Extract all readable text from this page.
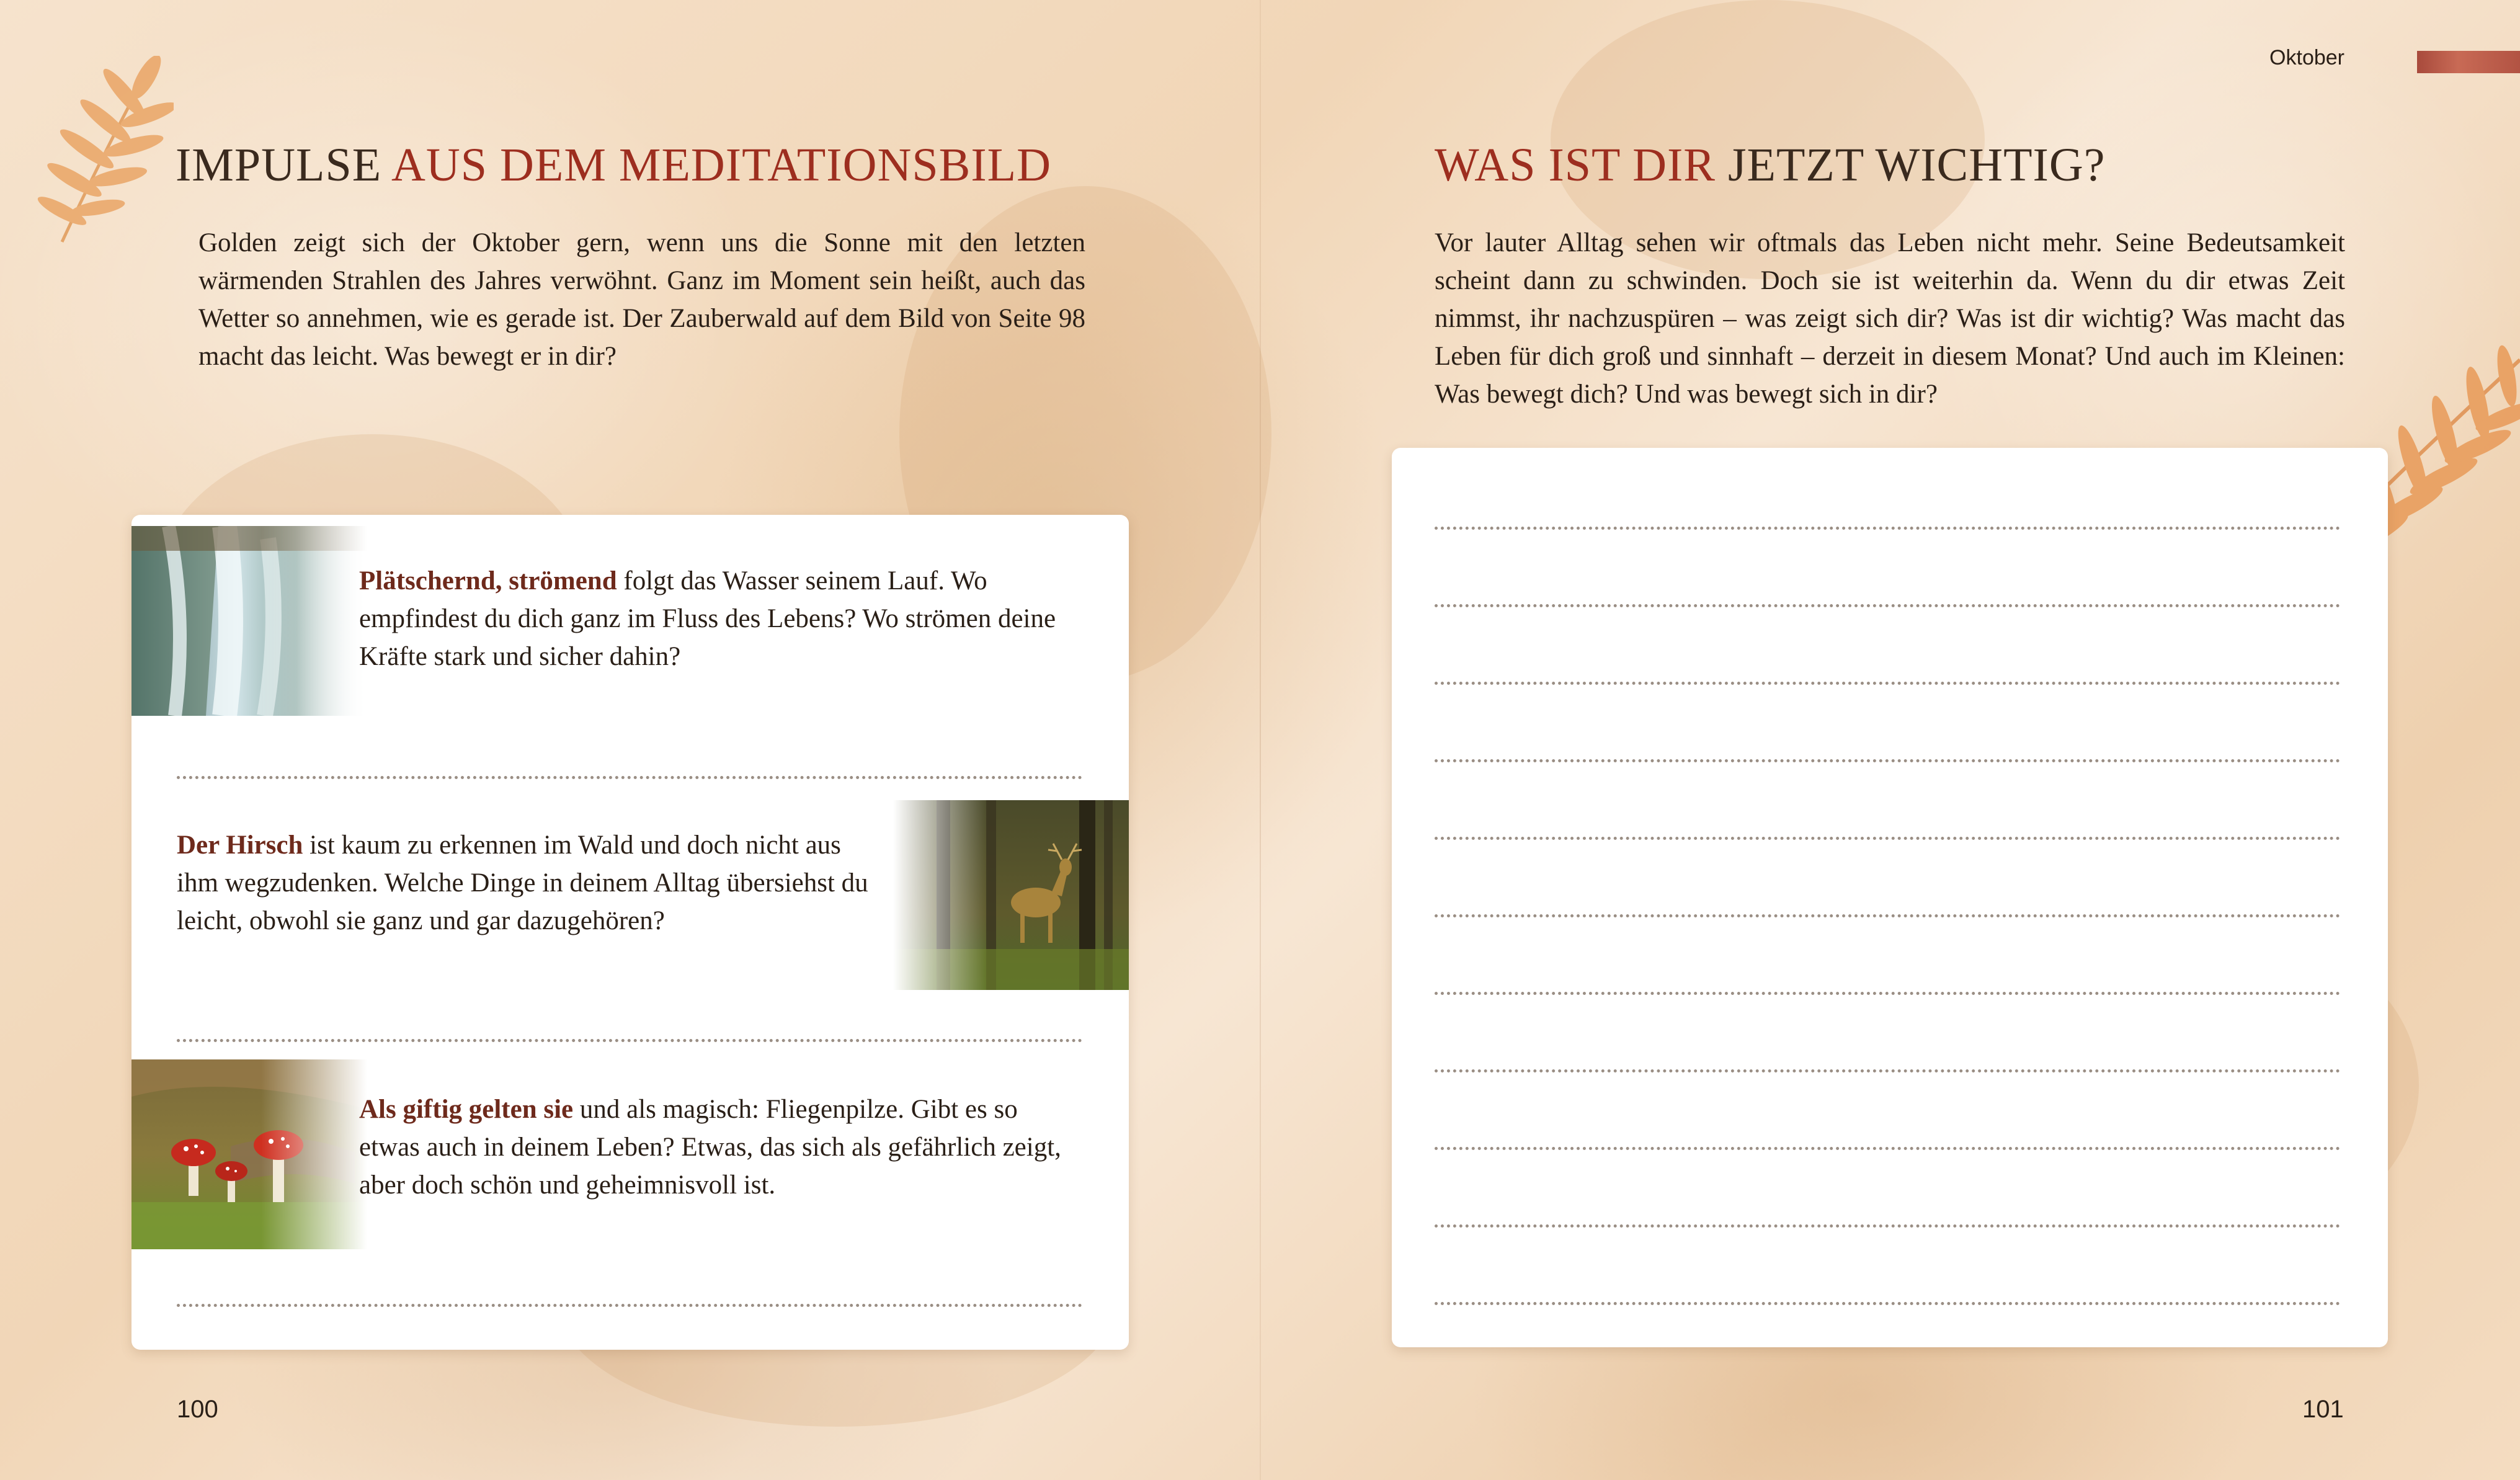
Oktober
IMPULSE AUS DEM MEDITATIONSBILD

Golden zeigt sich der Oktober gern, wenn uns die Sonne mit den letzten wärmenden Strahlen des Jahres verwöhnt. Ganz im Moment sein heißt, auch das Wetter so annehmen, wie es gerade ist. Der Zauberwald auf dem Bild von Seite 98 macht das leicht. Was bewegt er in dir?

Plätschernd, strömend folgt das Wasser seinem Lauf. Wo empfindest du dich ganz im Fluss des Lebens? Wo strömen deine Kräfte stark und sicher dahin?

Der Hirsch ist kaum zu erkennen im Wald und doch nicht aus ihm wegzudenken. Welche Dinge in deinem Alltag übersiehst du leicht, obwohl sie ganz und gar dazugehören?

Als giftig gelten sie und als magisch: Fliegenpilze. Gibt es so etwas auch in deinem Leben? Etwas, das sich als gefährlich zeigt, aber doch schön und geheimnisvoll ist.

100
WAS IST DIR JETZT WICHTIG?

Vor lauter Alltag sehen wir oftmals das Leben nicht mehr. Seine Bedeutsamkeit scheint dann zu schwinden. Doch sie ist weiterhin da. Wenn du dir etwas Zeit nimmst, ihr nachzuspüren – was zeigt sich dir? Was ist dir wichtig? Was macht das Leben für dich groß und sinnhaft – derzeit in diesem Monat? Und auch im Kleinen: Was bewegt dich? Und was bewegt sich in dir?

101
